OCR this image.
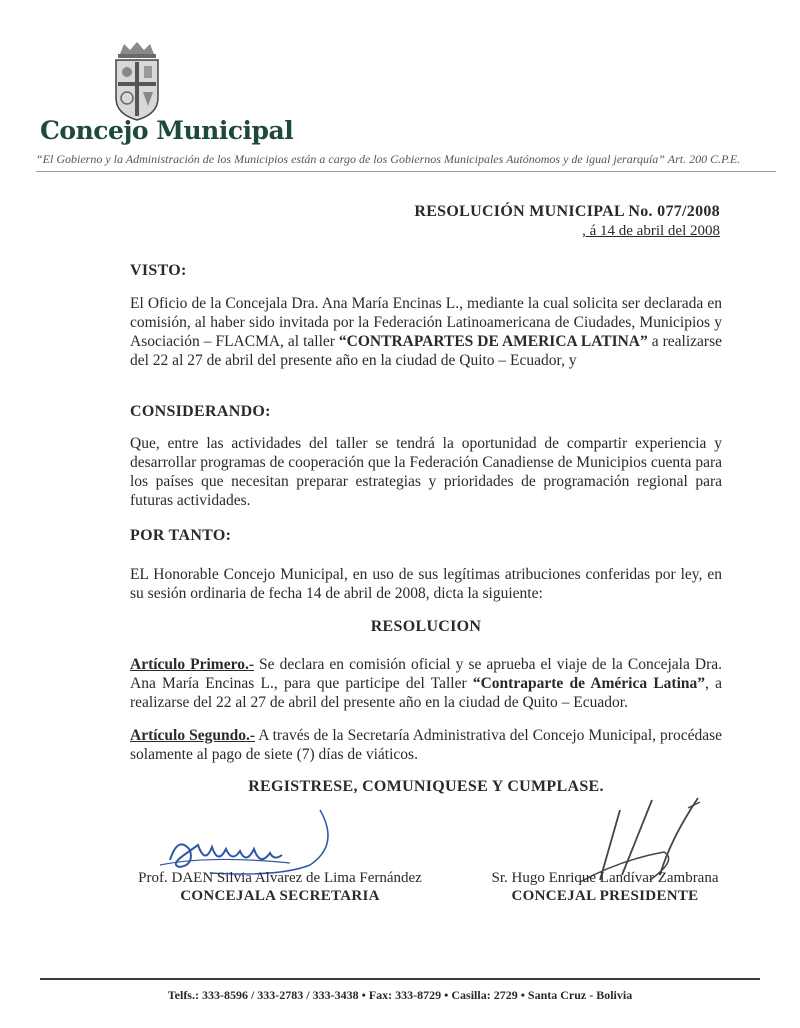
Concejo Municipal
“El Gobierno y la Administración de los Municipios están a cargo de los Gobiernos Municipales Autónomos y de igual jerarquía” Art. 200 C.P.E.
RESOLUCIÓN MUNICIPAL No. 077/2008
, á 14 de abril del 2008
VISTO:

El Oficio de la Concejala Dra. Ana María Encinas L., mediante la cual solicita ser declarada en comisión, al haber sido invitada por la Federación Latinoamericana de Ciudades, Municipios y Asociación – FLACMA, al taller “CONTRAPARTES DE AMERICA LATINA” a realizarse del 22 al 27 de abril del presente año en la ciudad de Quito – Ecuador, y

CONSIDERANDO:

Que, entre las actividades del taller se tendrá la oportunidad de compartir experiencia y desarrollar programas de cooperación que la Federación Canadiense de Municipios cuenta para los países que necesitan preparar estrategias y prioridades de programación regional para futuras actividades.

POR TANTO:

EL Honorable Concejo Municipal, en uso de sus legítimas atribuciones conferidas por ley, en su sesión ordinaria de fecha 14 de abril de 2008, dicta la siguiente:

RESOLUCION

Artículo Primero.- Se declara en comisión oficial y se aprueba el viaje de la Concejala Dra. Ana María Encinas L., para que participe del Taller “Contraparte de América Latina”, a realizarse del 22 al 27 de abril del presente año en la ciudad de Quito – Ecuador.

Artículo Segundo.- A través de la Secretaría Administrativa del Concejo Municipal, procédase solamente al pago de siete (7) días de viáticos.

REGISTRESE, COMUNIQUESE Y CUMPLASE.
Prof. DAEN Silvia Alvarez de Lima Fernández
CONCEJALA SECRETARIA
Sr. Hugo Enrique Landívar Zambrana
CONCEJAL PRESIDENTE
Telfs.: 333-8596 / 333-2783 / 333-3438 • Fax: 333-8729 • Casilla: 2729 • Santa Cruz - Bolivia
